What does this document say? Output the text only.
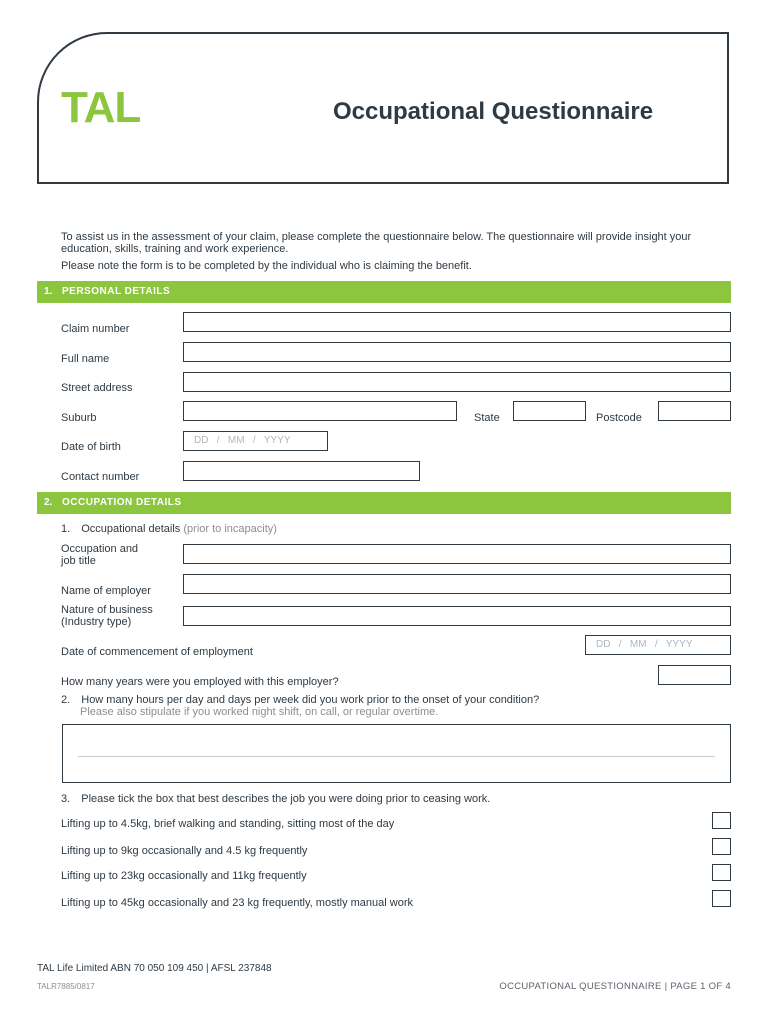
TAL	Occupational Questionnaire
To assist us in the assessment of your claim, please complete the questionnaire below. The questionnaire will provide insight your education, skills, training and work experience.
Please note the form is to be completed by the individual who is claiming the benefit.
1. PERSONAL DETAILS
Claim number
Full name
Street address
Suburb	State	Postcode
Date of birth
DD   /   MM   /   YYYY
Contact number
2. OCCUPATION DETAILS
1. Occupational details (prior to incapacity)
Occupation and
job title
Name of employer
Nature of business
(Industry type)
Date of commencement of employment
DD   /   MM   /   YYYY
How many years were you employed with this employer?
2. How many hours per day and days per week did you work prior to the onset of your condition?
Please also stipulate if you worked night shift, on call, or regular overtime.
3. Please tick the box that best describes the job you were doing prior to ceasing work.
Lifting up to 4.5kg, brief walking and standing, sitting most of the day
Lifting up to 9kg occasionally and 4.5 kg frequently
Lifting up to 23kg occasionally and 11kg frequently
Lifting up to 45kg occasionally and 23 kg frequently, mostly manual work
TAL Life Limited ABN 70 050 109 450 | AFSL 237848
TALR7885/0817	OCCUPATIONAL QUESTIONNAIRE | PAGE 1 OF 4
